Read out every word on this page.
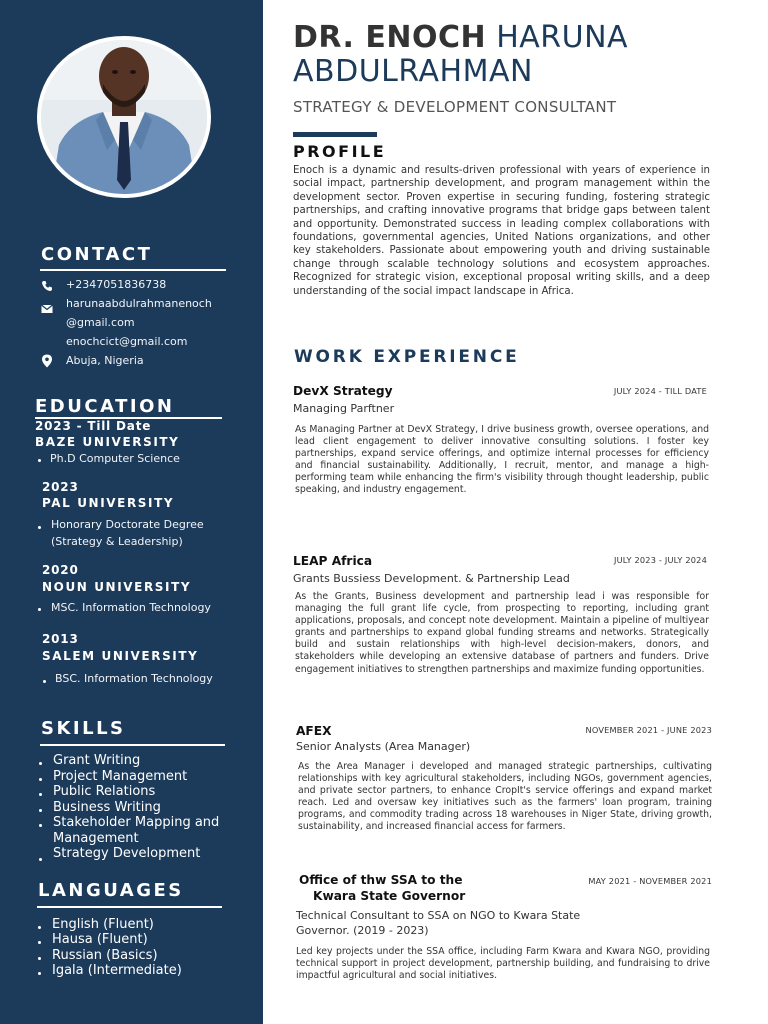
CONTACT
+2347051836738
harunaabdulrahmanenoch
@gmail.com
enochcict@gmail.com
Abuja, Nigeria
EDUCATION
2023 - Till Date
BAZE UNIVERSITY
Ph.D Computer Science
2023
PAL UNIVERSITY
Honorary Doctorate Degree
(Strategy & Leadership)
2020
NOUN UNIVERSITY
MSC. Information Technology
2013
SALEM UNIVERSITY
BSC. Information Technology
SKILLS
Grant Writing
Project Management
Public Relations
Business Writing
Stakeholder Mapping and
Management
Strategy Development
LANGUAGES
English (Fluent)
Hausa (Fluent)
Russian (Basics)
Igala (Intermediate)
DR. ENOCH HARUNA
ABDULRAHMAN
STRATEGY & DEVELOPMENT CONSULTANT
PROFILE
Enoch is a dynamic and results-driven professional with years of experience in social impact, partnership development, and program management within the development sector. Proven expertise in securing funding, fostering strategic partnerships, and crafting innovative programs that bridge gaps between talent and opportunity. Demonstrated success in leading complex collaborations with foundations, governmental agencies, United Nations organizations, and other key stakeholders. Passionate about empowering youth and driving sustainable change through scalable technology solutions and ecosystem approaches. Recognized for strategic vision, exceptional proposal writing skills, and a deep understanding of the social impact landscape in Africa.
WORK EXPERIENCE
DevX Strategy	JULY 2024 - TILL DATE
Managing Parftner
As Managing Partner at DevX Strategy, I drive business growth, oversee operations, and lead client engagement to deliver innovative consulting solutions. I foster key partnerships, expand service offerings, and optimize internal processes for efficiency and financial sustainability. Additionally, I recruit, mentor, and manage a high-performing team while enhancing the firm's visibility through thought leadership, public speaking, and industry engagement.
LEAP Africa	JULY 2023 - JULY 2024
Grants Bussiess Development. & Partnership Lead
As the Grants, Business development and partnership lead i was responsible for managing the full grant life cycle, from prospecting to reporting, including grant applications, proposals, and concept note development. Maintain a pipeline of multiyear grants and partnerships to expand global funding streams and networks. Strategically build and sustain relationships with high-level decision-makers, donors, and stakeholders while developing an extensive database of partners and funders. Drive engagement initiatives to strengthen partnerships and maximize funding opportunities.
AFEX	NOVEMBER 2021 - JUNE 2023
Senior Analysts (Area Manager)
As the Area Manager i developed and managed strategic partnerships, cultivating relationships with key agricultural stakeholders, including NGOs, government agencies, and private sector partners, to enhance CropIt's service offerings and expand market reach. Led and oversaw key initiatives such as the farmers' loan program, training programs, and commodity trading across 18 warehouses in Niger State, driving growth, sustainability, and increased financial access for farmers.
Office of thw SSA to the
Kwara State Governor
MAY 2021 - NOVEMBER 2021
Technical Consultant to SSA on NGO to Kwara State
Governor. (2019 - 2023)
Led key projects under the SSA office, including Farm Kwara and Kwara NGO, providing technical support in project development, partnership building, and fundraising to drive impactful agricultural and social initiatives.
